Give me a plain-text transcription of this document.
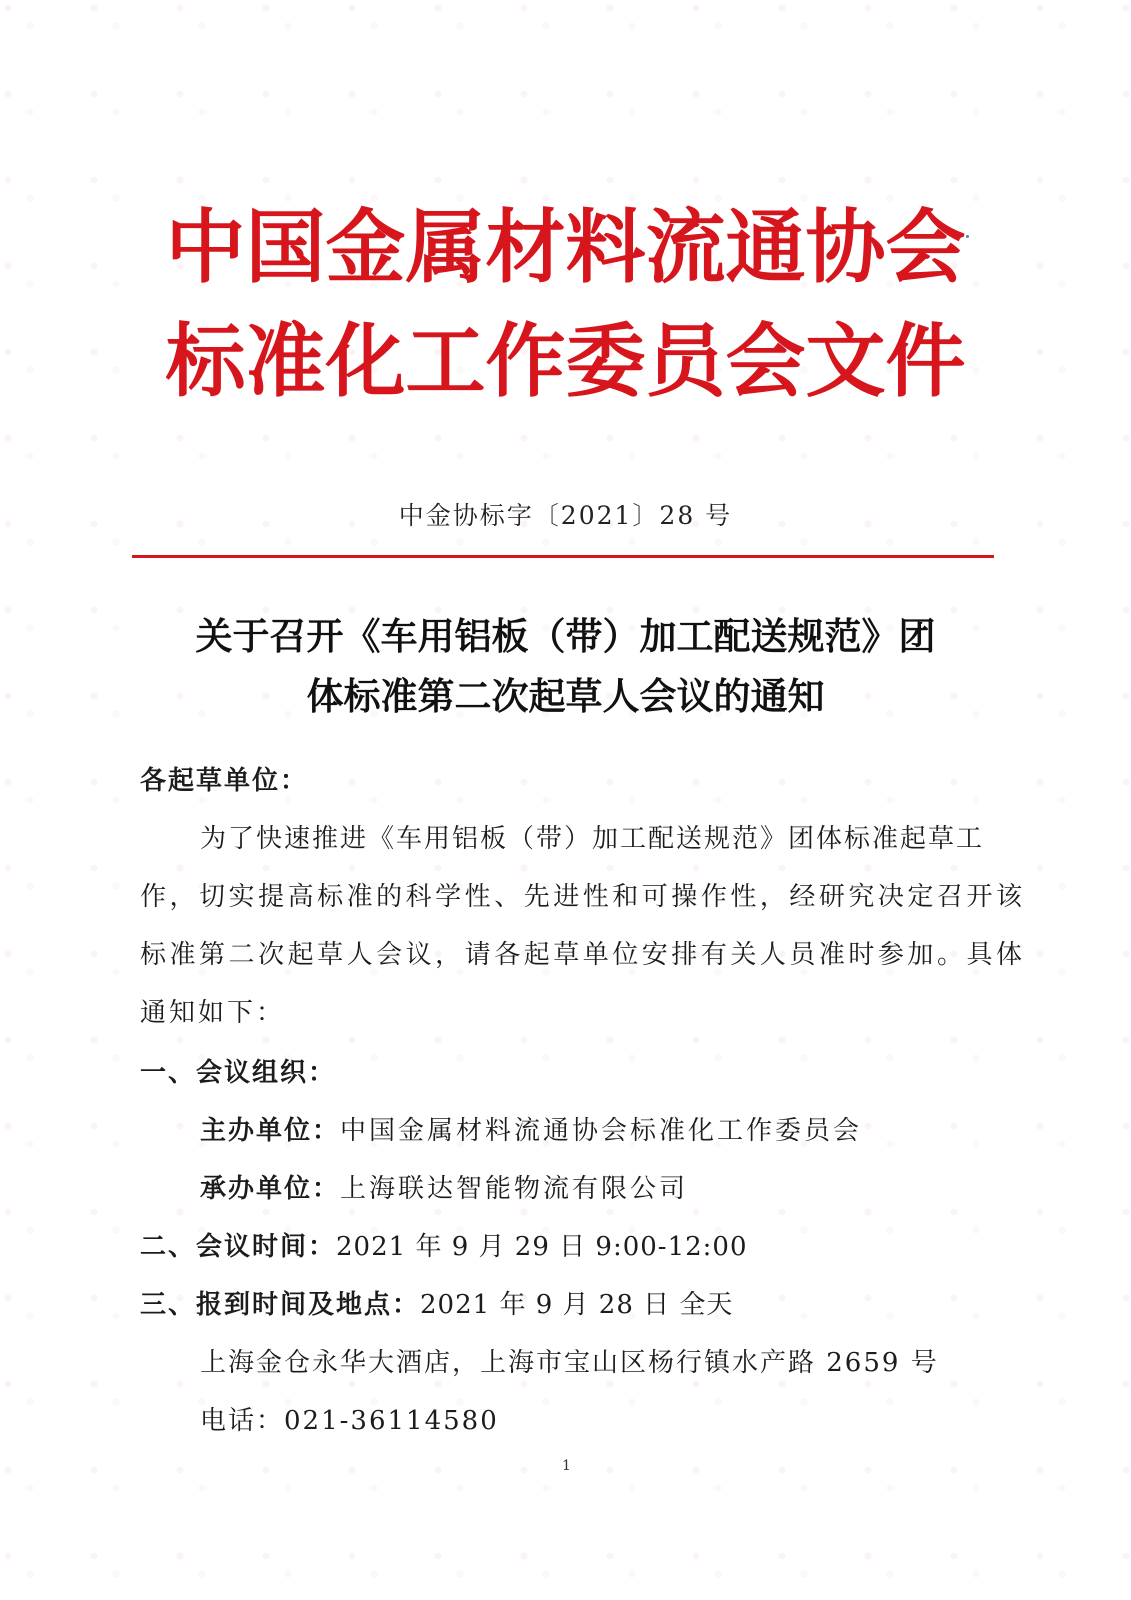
中国金属材料流通协会
标准化工作委员会文件
中金协标字〔2021〕28 号
关于召开《车用铝板（带）加工配送规范》团
体标准第二次起草人会议的通知
各起草单位：
为了快速推进《车用铝板（带）加工配送规范》团体标准起草工
作，切实提高标准的科学性、先进性和可操作性，经研究决定召开该
标准第二次起草人会议，请各起草单位安排有关人员准时参加。具体
通知如下：
一、会议组织：
主办单位：中国金属材料流通协会标准化工作委员会
承办单位：上海联达智能物流有限公司
二、会议时间：2021 年 9 月 29 日 9:00-12:00
三、报到时间及地点：2021 年 9 月 28 日 全天
上海金仓永华大酒店，上海市宝山区杨行镇水产路 2659 号
电话：021-36114580
1
